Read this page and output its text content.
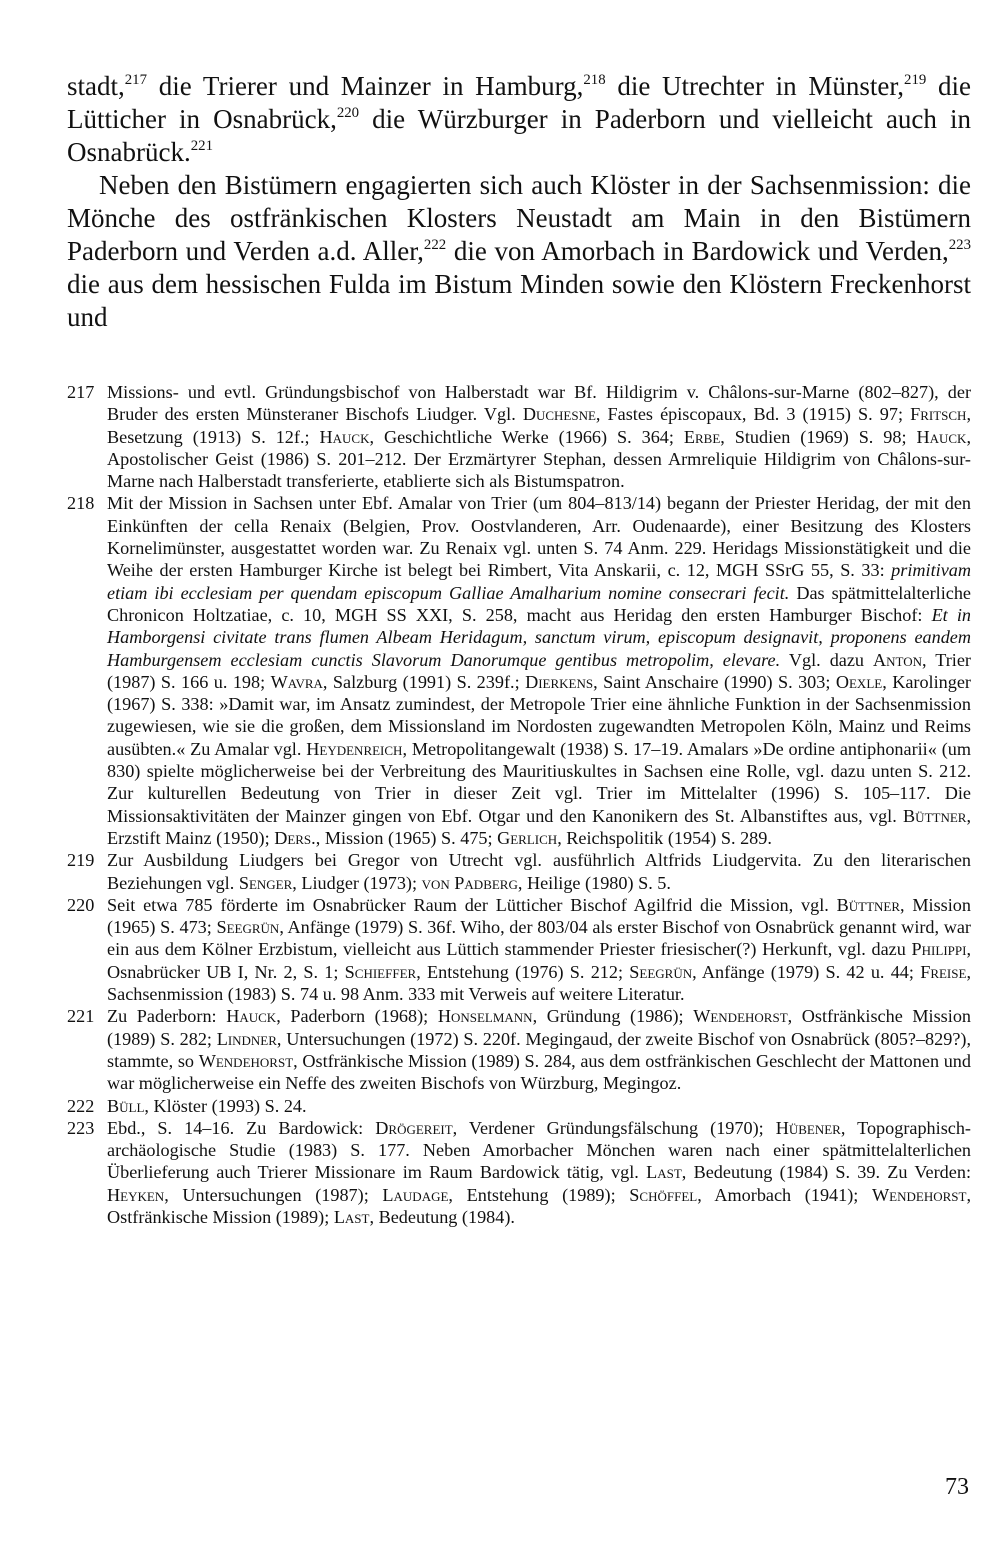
stadt,$^{217}$ die Trierer und Mainzer in Hamburg,$^{218}$ die Utrechter in Münster,$^{219}$ die Lütticher in Osnabrück,$^{220}$ die Würzburger in Paderborn und vielleicht auch in Osnabrück.$^{221}$

Neben den Bistümern engagierten sich auch Klöster in der Sachsenmission: die Mönche des ostfränkischen Klosters Neustadt am Main in den Bistümern Paderborn und Verden a.d. Aller,$^{222}$ die von Amorbach in Bardowick und Verden,$^{223}$ die aus dem hessischen Fulda im Bistum Minden sowie den Klöstern Freckenhorst und

217 Missions- und evtl. Gründungsbischof von Halberstadt war Bf. Hildigrim v. Châlons-sur-Marne (802–827), der Bruder des ersten Münsteraner Bischofs Liudger. Vgl. Duchesne, Fastes épiscopaux, Bd. 3 (1915) S. 97; Fritsch, Besetzung (1913) S. 12f.; Hauck, Geschichtliche Werke (1966) S. 364; Erbe, Studien (1969) S. 98; Hauck, Apostolischer Geist (1986) S. 201–212. Der Erzmärtyrer Stephan, dessen Armreliquie Hildigrim von Châlons-sur-Marne nach Halberstadt transferierte, etablierte sich als Bistumspatron.
218 Mit der Mission in Sachsen unter Ebf. Amalar von Trier (um 804–813/14) begann der Priester Heridag, der mit den Einkünften der cella Renaix (Belgien, Prov. Oostvlanderen, Arr. Oudenaarde), einer Besitzung des Klosters Kornelimünster, ausgestattet worden war. Zu Renaix vgl. unten S. 74 Anm. 229. Heridags Missionstätigkeit und die Weihe der ersten Hamburger Kirche ist belegt bei Rimbert, Vita Anskarii, c. 12, MGH SSrG 55, S. 33: primitivam etiam ibi ecclesiam per quendam episcopum Galliae Amalharium nomine consecrari fecit. Das spätmittelalterliche Chronicon Holtzatiae, c. 10, MGH SS XXI, S. 258, macht aus Heridag den ersten Hamburger Bischof: Et in Hamborgensi civitate trans flumen Albeam Heridagum, sanctum virum, episcopum designavit, proponens eandem Hamburgensem ecclesiam cunctis Slavorum Danorumque gentibus metropolim, elevare. Vgl. dazu Anton, Trier (1987) S. 166 u. 198; Wavra, Salzburg (1991) S. 239f.; Dierkens, Saint Anschaire (1990) S. 303; Oexle, Karolinger (1967) S. 338: »Damit war, im Ansatz zumindest, der Metropole Trier eine ähnliche Funktion in der Sachsenmission zugewiesen, wie sie die großen, dem Missionsland im Nordosten zugewandten Metropolen Köln, Mainz und Reims ausübten.« Zu Amalar vgl. Heydenreich, Metropolitangewalt (1938) S. 17–19. Amalars »De ordine antiphonarii« (um 830) spielte möglicherweise bei der Verbreitung des Mauritiuskultes in Sachsen eine Rolle, vgl. dazu unten S. 212. Zur kulturellen Bedeutung von Trier in dieser Zeit vgl. Trier im Mittelalter (1996) S. 105–117. Die Missionsaktivitäten der Mainzer gingen von Ebf. Otgar und den Kanonikern des St. Albanstiftes aus, vgl. Büttner, Erzstift Mainz (1950); Ders., Mission (1965) S. 475; Gerlich, Reichspolitik (1954) S. 289.
219 Zur Ausbildung Liudgers bei Gregor von Utrecht vgl. ausführlich Altfrids Liudgervita. Zu den literarischen Beziehungen vgl. Senger, Liudger (1973); von Padberg, Heilige (1980) S. 5.
220 Seit etwa 785 förderte im Osnabrücker Raum der Lütticher Bischof Agilfrid die Mission, vgl. Büttner, Mission (1965) S. 473; Seegrün, Anfänge (1979) S. 36f. Wiho, der 803/04 als erster Bischof von Osnabrück genannt wird, war ein aus dem Kölner Erzbistum, vielleicht aus Lüttich stammender Priester friesischer(?) Herkunft, vgl. dazu Philippi, Osnabrücker UB I, Nr. 2, S. 1; Schieffer, Entstehung (1976) S. 212; Seegrün, Anfänge (1979) S. 42 u. 44; Freise, Sachsenmission (1983) S. 74 u. 98 Anm. 333 mit Verweis auf weitere Literatur.
221 Zu Paderborn: Hauck, Paderborn (1968); Honselmann, Gründung (1986); Wendehorst, Ostfränkische Mission (1989) S. 282; Lindner, Untersuchungen (1972) S. 220f. Megingaud, der zweite Bischof von Osnabrück (805?–829?), stammte, so Wendehorst, Ostfränkische Mission (1989) S. 284, aus dem ostfränkischen Geschlecht der Mattonen und war möglicherweise ein Neffe des zweiten Bischofs von Würzburg, Megingoz.
222 Büll, Klöster (1993) S. 24.
223 Ebd., S. 14–16. Zu Bardowick: Drögereit, Verdener Gründungsfälschung (1970); Hübener, Topographisch-archäologische Studie (1983) S. 177. Neben Amorbacher Mönchen waren nach einer spätmittelalterlichen Überlieferung auch Trierer Missionare im Raum Bardowick tätig, vgl. Last, Bedeutung (1984) S. 39. Zu Verden: Heyken, Untersuchungen (1987); Laudage, Entstehung (1989); Schöffel, Amorbach (1941); Wendehorst, Ostfränkische Mission (1989); Last, Bedeutung (1984).
73
